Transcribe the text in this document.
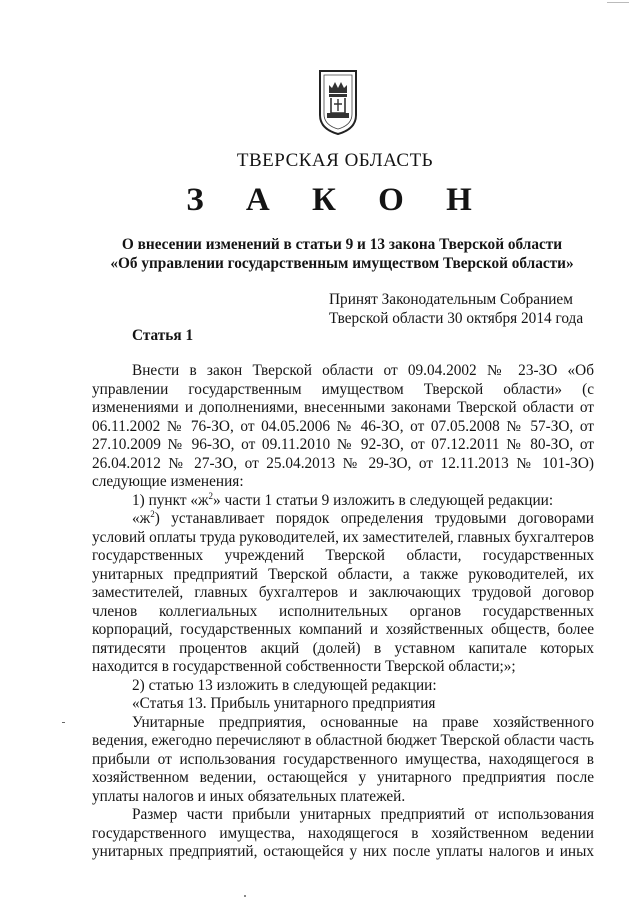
ТВЕРСКАЯ ОБЛАСТЬ
З А К О Н
О внесении изменений в статьи 9 и 13 закона Тверской области
«Об управлении государственным имуществом Тверской области»
Принят Законодательным Собранием
Тверской области 30 октября 2014 года
Статья 1

Внести в закон Тверской области от 09.04.2002 № 23-ЗО «Об управлении государственным имуществом Тверской области» (с изменениями и дополнениями, внесенными законами Тверской области от 06.11.2002 № 76-ЗО, от 04.05.2006 № 46-ЗО, от 07.05.2008 № 57-ЗО, от 27.10.2009 № 96-ЗО, от 09.11.2010 № 92-ЗО, от 07.12.2011 № 80-ЗО, от 26.04.2012 № 27-ЗО, от 25.04.2013 № 29-ЗО, от 12.11.2013 № 101-ЗО) следующие изменения:

1) пункт «$ж^2$» части 1 статьи 9 изложить в следующей редакции:

«$ж^2$) устанавливает порядок определения трудовыми договорами условий оплаты труда руководителей, их заместителей, главных бухгалтеров государственных учреждений Тверской области, государственных унитарных предприятий Тверской области, а также руководителей, их заместителей, главных бухгалтеров и заключающих трудовой договор членов коллегиальных исполнительных органов государственных корпораций, государственных компаний и хозяйственных обществ, более пятидесяти процентов акций (долей) в уставном капитале которых находится в государственной собственности Тверской области;»;

2) статью 13 изложить в следующей редакции:

«Статья 13. Прибыль унитарного предприятия

Унитарные предприятия, основанные на праве хозяйственного ведения, ежегодно перечисляют в областной бюджет Тверской области часть прибыли от использования государственного имущества, находящегося в хозяйственном ведении, остающейся у унитарного предприятия после уплаты налогов и иных обязательных платежей.

Размер части прибыли унитарных предприятий от использования государственного имущества, находящегося в хозяйственном ведении унитарных предприятий, остающейся у них после уплаты налогов и иных
